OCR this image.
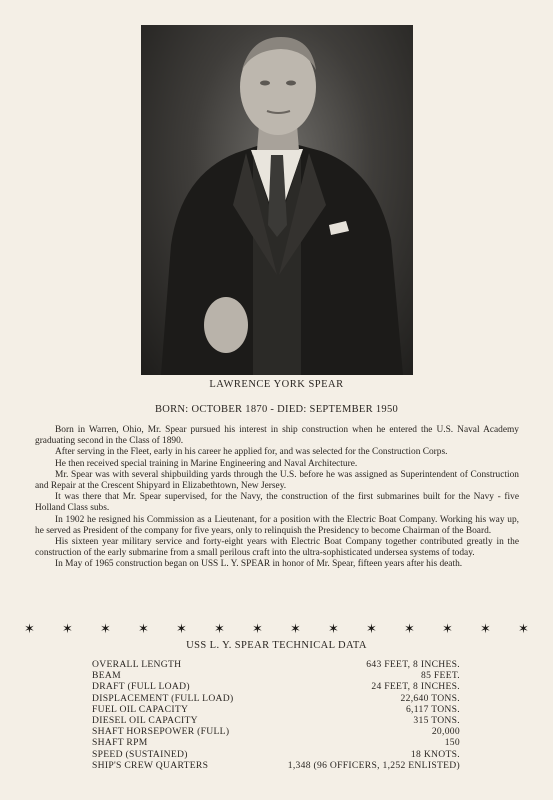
LAWRENCE YORK SPEAR
BORN: OCTOBER 1870 - DIED: SEPTEMBER 1950

Born in Warren, Ohio, Mr. Spear pursued his interest in ship construction when he entered the U.S. Naval Academy graduating second in the Class of 1890.

After serving in the Fleet, early in his career he applied for, and was selected for the Construction Corps.

He then received special training in Marine Engineering and Naval Architecture.

Mr. Spear was with several shipbuilding yards through the U.S. before he was assigned as Superintendent of Construction and Repair at the Crescent Shipyard in Elizabethtown, New Jersey.

It was there that Mr. Spear supervised, for the Navy, the construction of the first submarines built for the Navy - five Holland Class subs.

In 1902 he resigned his Commission as a Lieutenant, for a position with the Electric Boat Company. Working his way up, he served as President of the company for five years, only to relinquish the Presidency to become Chairman of the Board.

His sixteen year military service and forty-eight years with Electric Boat Company together contributed greatly in the construction of the early submarine from a small perilous craft into the ultra-sophisticated undersea systems of today.

In May of 1965 construction began on USS L. Y. SPEAR in honor of Mr. Spear, fifteen years after his death.

✶ ✶ ✶ ✶ ✶ ✶ ✶ ✶ ✶ ✶ ✶ ✶ ✶ ✶
USS L. Y. SPEAR TECHNICAL DATA
OVERALL LENGTH	643 FEET, 8 INCHES.
BEAM	85 FEET.
DRAFT (FULL LOAD)	24 FEET, 8 INCHES.
DISPLACEMENT (FULL LOAD)	22,640 TONS.
FUEL OIL CAPACITY	6,117 TONS.
DIESEL OIL CAPACITY	315 TONS.
SHAFT HORSEPOWER (FULL)	20,000
SHAFT RPM	150
SPEED (SUSTAINED)	18 KNOTS.
SHIP'S CREW QUARTERS	1,348 (96 OFFICERS, 1,252 ENLISTED)
